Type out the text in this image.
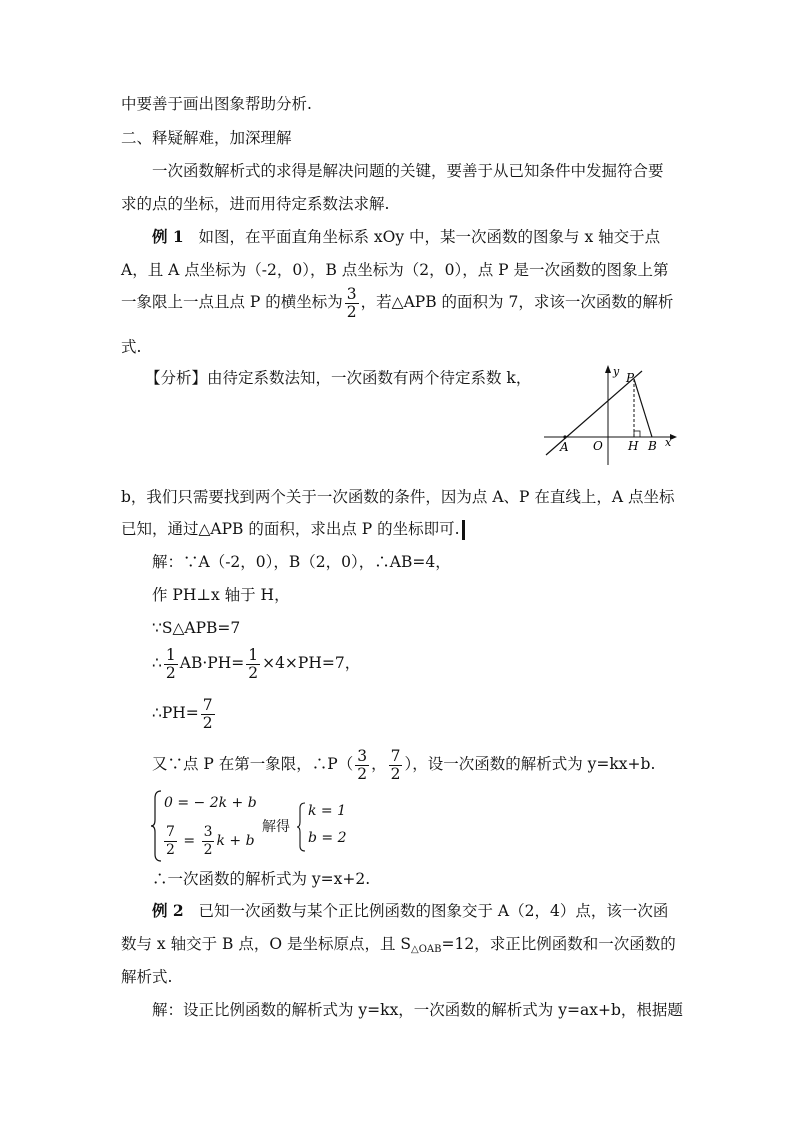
中要善于画出图象帮助分析.
二、释疑解难，加深理解
一次函数解析式的求得是解决问题的关键，要善于从已知条件中发掘符合要
求的点的坐标，进而用待定系数法求解.
例 1 如图，在平面直角坐标系 xOy 中，某一次函数的图象与 x 轴交于点
A，且 A 点坐标为（-2，0），B 点坐标为（2，0），点 P 是一次函数的图象上第
一象限上一点且点 P 的横坐标为 $\frac{3}{2}$ ，若△APB 的面积为 7，求该一次函数的解析
式.
【分析】由待定系数法知，一次函数有两个待定系数 k，	y
x
P
A O H B
b，我们只需要找到两个关于一次函数的条件，因为点 A、P 在直线上，A 点坐标
已知，通过△APB 的面积，求出点 P 的坐标即可.
解：∵A（-2，0），B（2，0），∴AB=4，
作 PH⊥x 轴于 H，
∵S△APB=7
∴ $\frac{1}{2} AB\cdot PH= \frac{1}{2} \times 4\times PH=7$，
∴PH= $\frac{7}{2}$
又∵点 P 在第一象限，∴P（ $\frac{3}{2}$ ， $\frac{7}{2}$ ），设一次函数的解析式为 y=kx+b.
0 = − 2k + b
$\frac{7}{2} = \frac{3}{2}$ k + b
解得
k = 1
b = 2
∴一次函数的解析式为 y=x+2.
例 2 已知一次函数与某个正比例函数的图象交于 A（2，4）点，该一次函
数与 x 轴交于 B 点，O 是坐标原点，且 $S_{\triangle OAB}=12$，求正比例函数和一次函数的
解析式.
解：设正比例函数的解析式为 y=kx，一次函数的解析式为 y=ax+b，根据题
